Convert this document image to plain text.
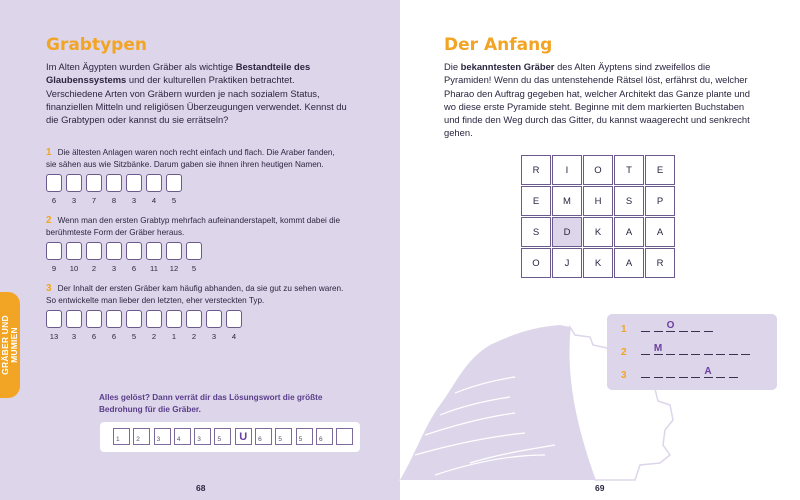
Grabtypen

Im Alten Ägypten wurden Gräber als wichtige Bestandteile des Glaubenssystems und der kulturellen Praktiken betrachtet. Verschiedene Arten von Gräbern wurden je nach sozialem Status, finanziellen Mitteln und religiösen Überzeugungen verwendet. Kennst du die Grabtypen oder kannst du sie errätseln?

1 Die ältesten Anlagen waren noch recht einfach und flach. Die Araber fanden, sie sähen aus wie Sitzbänke. Darum gaben sie ihnen ihren heutigen Namen.

6	3	7	8	3	4	5

2 Wenn man den ersten Grabtyp mehrfach aufeinanderstapelt, kommt dabei die berühmteste Form der Gräber heraus.

9	10	2	3	6	11	12	5

3 Der Inhalt der ersten Gräber kam häufig abhanden, da sie gut zu sehen waren. So entwickelte man lieber den letzten, eher versteckten Typ.

13	3	6	6	5	2	1	2	3	4

Alles gelöst? Dann verrät dir das Lösungswort die größte Bedrohung für die Gräber.

1	2	3	4	3	5	U	6	5	5	6
GRÄBER UND MUMIEN
68
Der Anfang

Die bekanntesten Gräber des Alten Äyptens sind zweifellos die Pyramiden! Wenn du das untenstehende Rätsel löst, erfährst du, welcher Pharao den Auftrag gegeben hat, welcher Architekt das Ganze plante und wo diese erste Pyramide steht. Beginne mit dem markierten Buchstaben und finde den Weg durch das Gitter, du kannst waagerecht und senkrecht gehen.

R	I	O	T	E
E	M	H	S	P
S	D	K	A	A
O	J	K	A	R
1	O
2	M
3	A
69
